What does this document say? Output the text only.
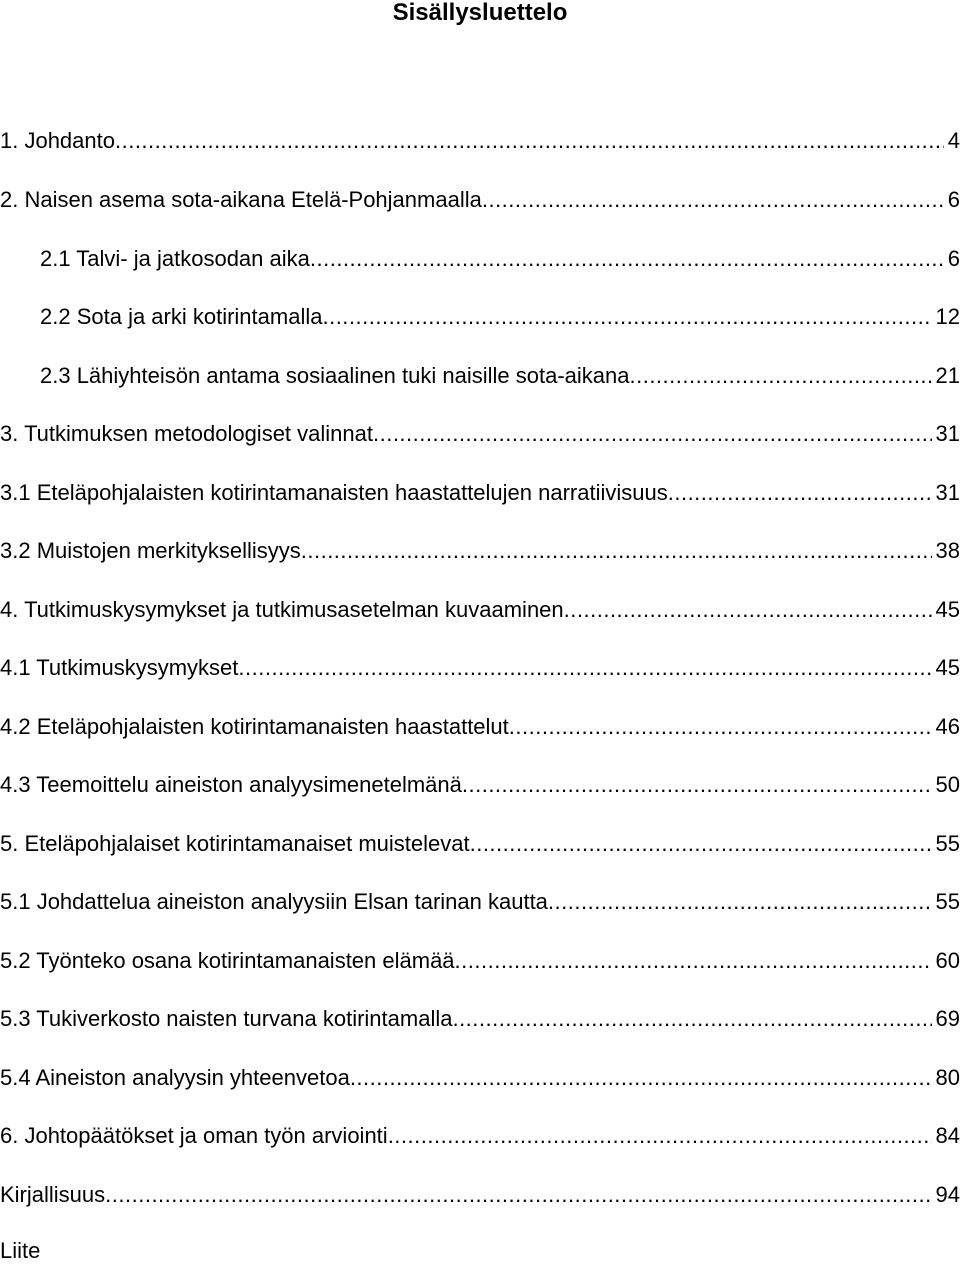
Sisällysluettelo
1. Johdanto .....	4
2. Naisen asema sota-aikana Etelä-Pohjanmaalla .....	6
2.1 Talvi- ja jatkosodan aika .....	6
2.2 Sota ja arki kotirintamalla .....	12
2.3 Lähiyhteisön antama sosiaalinen tuki naisille sota-aikana .....	21
3. Tutkimuksen metodologiset valinnat .....	31
3.1 Eteläpohjalaisten kotirintamanaisten haastattelujen narratiivisuus .....	31
3.2 Muistojen merkityksellisyys .....	38
4. Tutkimuskysymykset ja tutkimusasetelman kuvaaminen .....	45
4.1 Tutkimuskysymykset .....	45
4.2 Eteläpohjalaisten kotirintamanaisten haastattelut .....	46
4.3 Teemoittelu aineiston analyysimenetelmänä .....	50
5. Eteläpohjalaiset kotirintamanaiset muistelevat .....	55
5.1 Johdattelua aineiston analyysiin Elsan tarinan kautta .....	55
5.2 Työnteko osana kotirintamanaisten elämää .....	60
5.3 Tukiverkosto naisten turvana kotirintamalla .....	69
5.4 Aineiston analyysin yhteenvetoa .....	80
6. Johtopäätökset ja oman työn arviointi .....	84
Kirjallisuus .....	94
Liite
